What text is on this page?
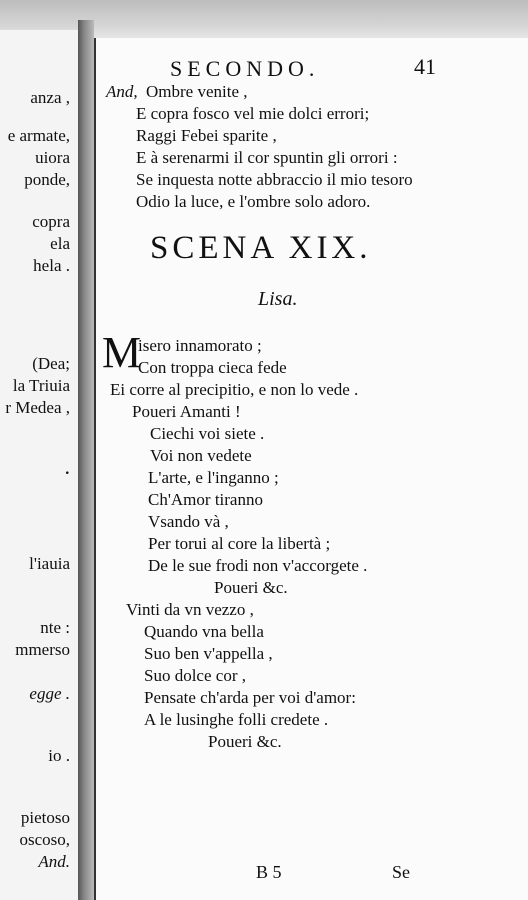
anza ,
e armate,
uiora
ponde,
copra
ela
hela .
(Dea;
la Triuia
r Medea ,
.
l'iauia
nte :
mmerso
egge .
io .
pietoso
oscoso,
And.
SECONDO.	41
And, Ombre venite ,
E copra fosco vel mie dolci errori;
Raggi Febei sparite ,
E à serenarmi il cor spuntin gli orrori :
Se inquesta notte abbraccio il mio tesoro
Odio la luce, e l'ombre solo adoro.
SCENA XIX.
Lisa.
M
isero innamorato ;
Con troppa cieca fede
Ei corre al precipitio, e non lo vede .
Poueri Amanti !
Ciechi voi siete .
Voi non vedete
L'arte, e l'inganno ;
Ch'Amor tiranno
Vsando và ,
Per torui al core la libertà ;
De le sue frodi non v'accorgete .
Poueri &c.
Vinti da vn vezzo ,
Quando vna bella
Suo ben v'appella ,
Suo dolce cor ,
Pensate ch'arda per voi d'amor:
A le lusinghe folli credete .
Poueri &c.
B 5	Se
